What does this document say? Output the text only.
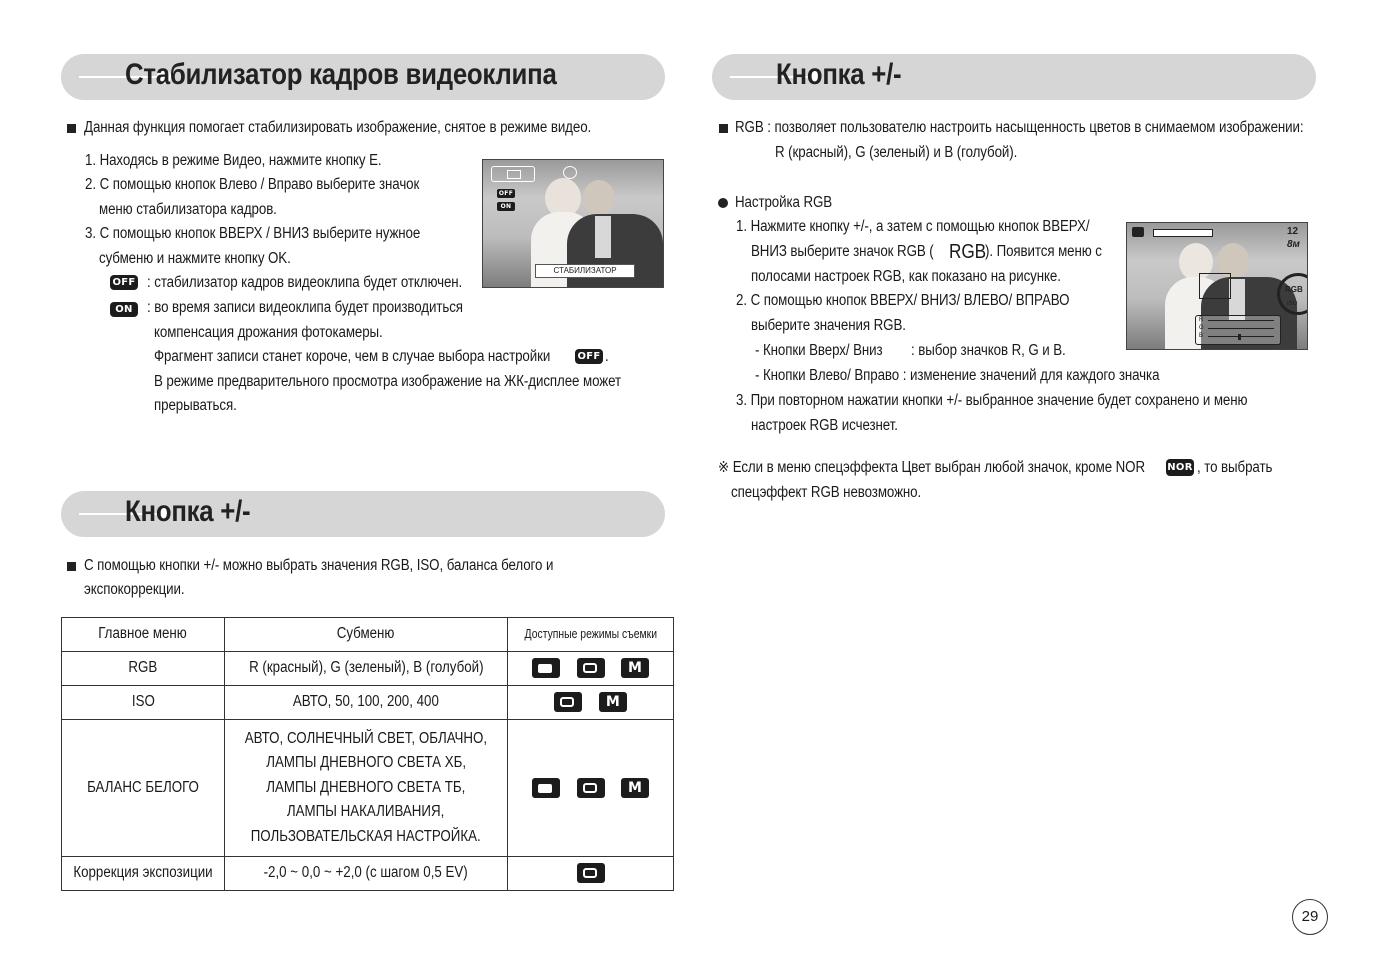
Стабилизатор кадров видеоклипа
Данная функция помогает стабилизировать изображение, снятое в режиме видео.
1. Находясь в режиме Видео, нажмите кнопку E.
2. С помощью кнопок Влево / Вправо выберите значок
меню стабилизатора кадров.
3. С помощью кнопок ВВЕРХ / ВНИЗ выберите нужное
субменю и нажмите кнопку OK.
OFF : стабилизатор кадров видеоклипа будет отключен.
ON : во время записи видеоклипа будет производиться
компенсация дрожания фотокамеры.
Фрагмент записи станет короче, чем в случае выбора настройки	OFF .
В режиме предварительного просмотра изображение на ЖК-дисплее может
прерываться.
OFF
ON
СТАБИЛИЗАТОР
Кнопка +/-
С помощью кнопки +/- можно выбрать значения RGB, ISO, баланса белого и
экспокоррекции.
Главное меню	Субменю	Доступные режимы съемки
RGB	R (красный), G (зеленый), B (голубой)	M
ISO	АВТО, 50, 100, 200, 400	M
БАЛАНС БЕЛОГО	АВТО, СОЛНЕЧНЫЙ СВЕТ, ОБЛАЧНО,
ЛАМПЫ ДНЕВНОГО СВЕТА ХБ,
ЛАМПЫ ДНЕВНОГО СВЕТА ТБ,
ЛАМПЫ НАКАЛИВАНИЯ,
ПОЛЬЗОВАТЕЛЬСКАЯ НАСТРОЙКА.	M
Коррекция экспозиции	-2,0 ~ 0,0 ~ +2,0 (с шагом 0,5 EV)	
Кнопка +/-
RGB : позволяет пользователю настроить насыщенность цветов в снимаемом изображении:
R (красный), G (зеленый) и B (голубой).
Настройка RGB
1. Нажмите кнопку +/-, а затем с помощью кнопок ВВЕРХ/
ВНИЗ выберите значок RGB ( RGB
). Появится меню с
полосами настроек RGB, как показано на рисунке.
2. С помощью кнопок ВВЕРХ/ ВНИЗ/ ВЛЕВО/ ВПРАВО
выберите значения RGB.
- Кнопки Вверх/ Вниз : выбор значков R, G и B.
- Кнопки Влево/ Вправо : изменение значений для каждого значка
3. При повторном нажатии кнопки +/- выбранное значение будет сохранено и меню
настроек RGB исчезнет.
※ Если в меню спецэффекта Цвет выбран любой значок, кроме NOR NOR , то выбрать
спецэффект RGB невозможно.
12
8м
RGB
ISO
R
G
B
29
